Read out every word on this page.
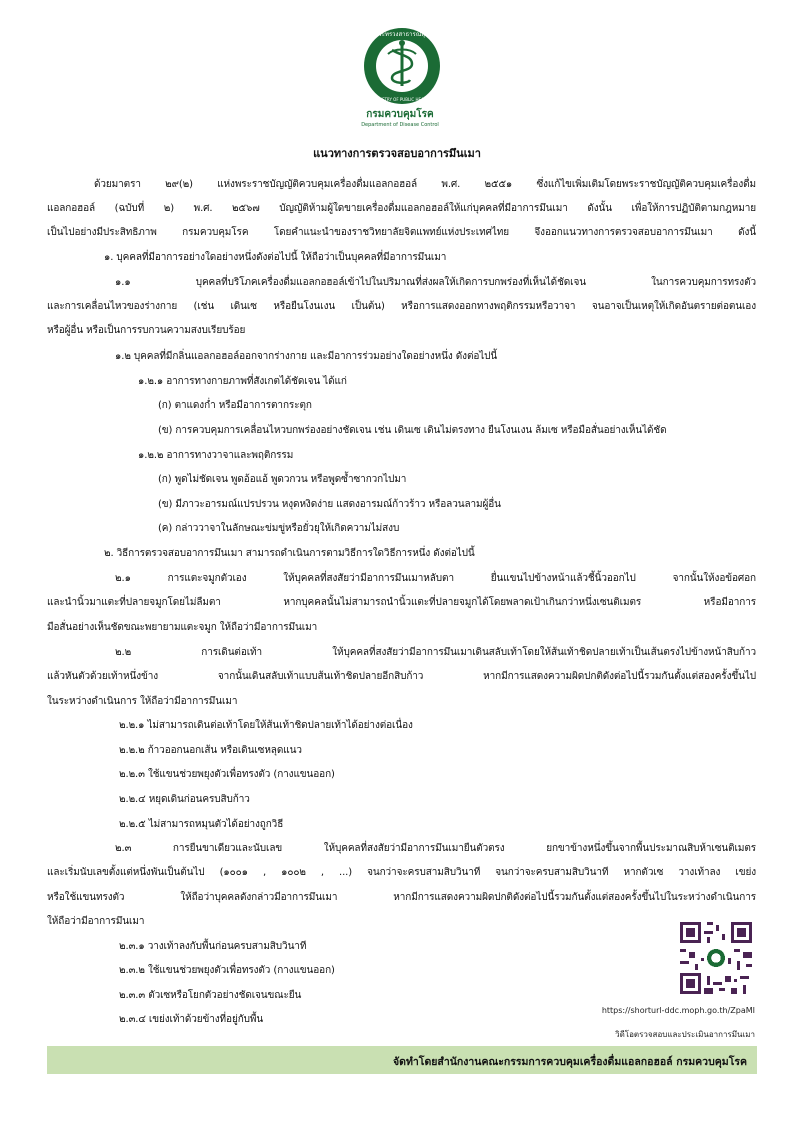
กระทรวงสาธารณสุข
MINISTRY OF PUBLIC HEALTH
กรมควบคุมโรค
Department of Disease Control
แนวทางการตรวจสอบอาการมึนเมา
ด้วยมาตรา ๒๙(๒) แห่งพระราชบัญญัติควบคุมเครื่องดื่มแอลกอฮอล์ พ.ศ. ๒๕๕๑ ซึ่งแก้ไขเพิ่มเติมโดยพระราชบัญญัติควบคุมเครื่องดื่ม
แอลกอฮอล์ (ฉบับที่ ๒) พ.ศ. ๒๕๖๗ บัญญัติห้ามผู้ใดขายเครื่องดื่มแอลกอฮอล์ให้แก่บุคคลที่มีอาการมึนเมา ดังนั้น เพื่อให้การปฏิบัติตามกฎหมาย
เป็นไปอย่างมีประสิทธิภาพ กรมควบคุมโรค โดยคำแนะนำของราชวิทยาลัยจิตแพทย์แห่งประเทศไทย จึงออกแนวทางการตรวจสอบอาการมึนเมา ดังนี้
๑. บุคคลที่มีอาการอย่างใดอย่างหนึ่งดังต่อไปนี้ ให้ถือว่าเป็นบุคคลที่มีอาการมึนเมา
๑.๑ บุคคลที่บริโภคเครื่องดื่มแอลกอฮอล์เข้าไปในปริมาณที่ส่งผลให้เกิดการบกพร่องที่เห็นได้ชัดเจน ในการควบคุมการทรงตัว
และการเคลื่อนไหวของร่างกาย (เช่น เดินเซ หรือยืนโงนเงน เป็นต้น) หรือการแสดงออกทางพฤติกรรมหรือวาจา จนอาจเป็นเหตุให้เกิดอันตรายต่อตนเอง
หรือผู้อื่น หรือเป็นการรบกวนความสงบเรียบร้อย
๑.๒ บุคคลที่มีกลิ่นแอลกอฮอล์ออกจากร่างกาย และมีอาการร่วมอย่างใดอย่างหนึ่ง ดังต่อไปนี้
๑.๒.๑ อาการทางกายภาพที่สังเกตได้ชัดเจน ได้แก่
(ก) ตาแดงก่ำ หรือมีอาการตากระตุก
(ข) การควบคุมการเคลื่อนไหวบกพร่องอย่างชัดเจน เช่น เดินเซ เดินไม่ตรงทาง ยืนโงนเงน ล้มเซ หรือมือสั่นอย่างเห็นได้ชัด
๑.๒.๒ อาการทางวาจาและพฤติกรรม
(ก) พูดไม่ชัดเจน พูดอ้อแอ้ พูดวกวน หรือพูดซ้ำซากวกไปมา
(ข) มีภาวะอารมณ์แปรปรวน หงุดหงิดง่าย แสดงอารมณ์ก้าวร้าว หรือลวนลามผู้อื่น
(ค) กล่าววาจาในลักษณะข่มขู่หรือยั่วยุให้เกิดความไม่สงบ
๒. วิธีการตรวจสอบอาการมึนเมา สามารถดำเนินการตามวิธีการใดวิธีการหนึ่ง ดังต่อไปนี้
๒.๑ การแตะจมูกตัวเอง ให้บุคคลที่สงสัยว่ามีอาการมึนเมาหลับตา ยื่นแขนไปข้างหน้าแล้วชี้นิ้วออกไป จากนั้นให้งอข้อศอก
และนำนิ้วมาแตะที่ปลายจมูกโดยไม่ลืมตา หากบุคคลนั้นไม่สามารถนำนิ้วแตะที่ปลายจมูกได้โดยพลาดเป้าเกินกว่าหนึ่งเซนติเมตร หรือมีอาการ
มือสั่นอย่างเห็นชัดขณะพยายามแตะจมูก ให้ถือว่ามีอาการมึนเมา
๒.๒ การเดินต่อเท้า ให้บุคคลที่สงสัยว่ามีอาการมึนเมาเดินสลับเท้าโดยให้ส้นเท้าชิดปลายเท้าเป็นเส้นตรงไปข้างหน้าสิบก้าว
แล้วหันตัวด้วยเท้าหนึ่งข้าง จากนั้นเดินสลับเท้าแบบส้นเท้าชิดปลายอีกสิบก้าว หากมีการแสดงความผิดปกติดังต่อไปนี้รวมกันตั้งแต่สองครั้งขึ้นไป
ในระหว่างดำเนินการ ให้ถือว่ามีอาการมึนเมา
๒.๒.๑ ไม่สามารถเดินต่อเท้าโดยให้ส้นเท้าชิดปลายเท้าได้อย่างต่อเนื่อง
๒.๒.๒ ก้าวออกนอกเส้น หรือเดินเซหลุดแนว
๒.๒.๓ ใช้แขนช่วยพยุงตัวเพื่อทรงตัว (กางแขนออก)
๒.๒.๔ หยุดเดินก่อนครบสิบก้าว
๒.๒.๕ ไม่สามารถหมุนตัวได้อย่างถูกวิธี
๒.๓ การยืนขาเดียวและนับเลข ให้บุคคลที่สงสัยว่ามีอาการมึนเมายืนตัวตรง ยกขาข้างหนึ่งขึ้นจากพื้นประมาณสิบห้าเซนติเมตร
และเริ่มนับเลขตั้งแต่หนึ่งพันเป็นต้นไป (๑๐๐๑ , ๑๐๐๒ , ...) จนกว่าจะครบสามสิบวินาที จนกว่าจะครบสามสิบวินาที หากตัวเซ วางเท้าลง เขย่ง
หรือใช้แขนทรงตัว ให้ถือว่าบุคคลดังกล่าวมีอาการมึนเมา หากมีการแสดงความผิดปกติดังต่อไปนี้รวมกันตั้งแต่สองครั้งขึ้นไปในระหว่างดำเนินการ
ให้ถือว่ามีอาการมึนเมา
๒.๓.๑ วางเท้าลงกับพื้นก่อนครบสามสิบวินาที
๒.๓.๒ ใช้แขนช่วยพยุงตัวเพื่อทรงตัว (กางแขนออก)
๒.๓.๓ ตัวเซหรือโยกตัวอย่างชัดเจนขณะยืน
๒.๓.๔ เขย่งเท้าด้วยข้างที่อยู่กับพื้น
https://shorturl-ddc.moph.go.th/ZpaMI
วิดีโอตรวจสอบและประเมินอาการมึนเมา
จัดทำโดยสำนักงานคณะกรรมการควบคุมเครื่องดื่มแอลกอฮอล์ กรมควบคุมโรค
